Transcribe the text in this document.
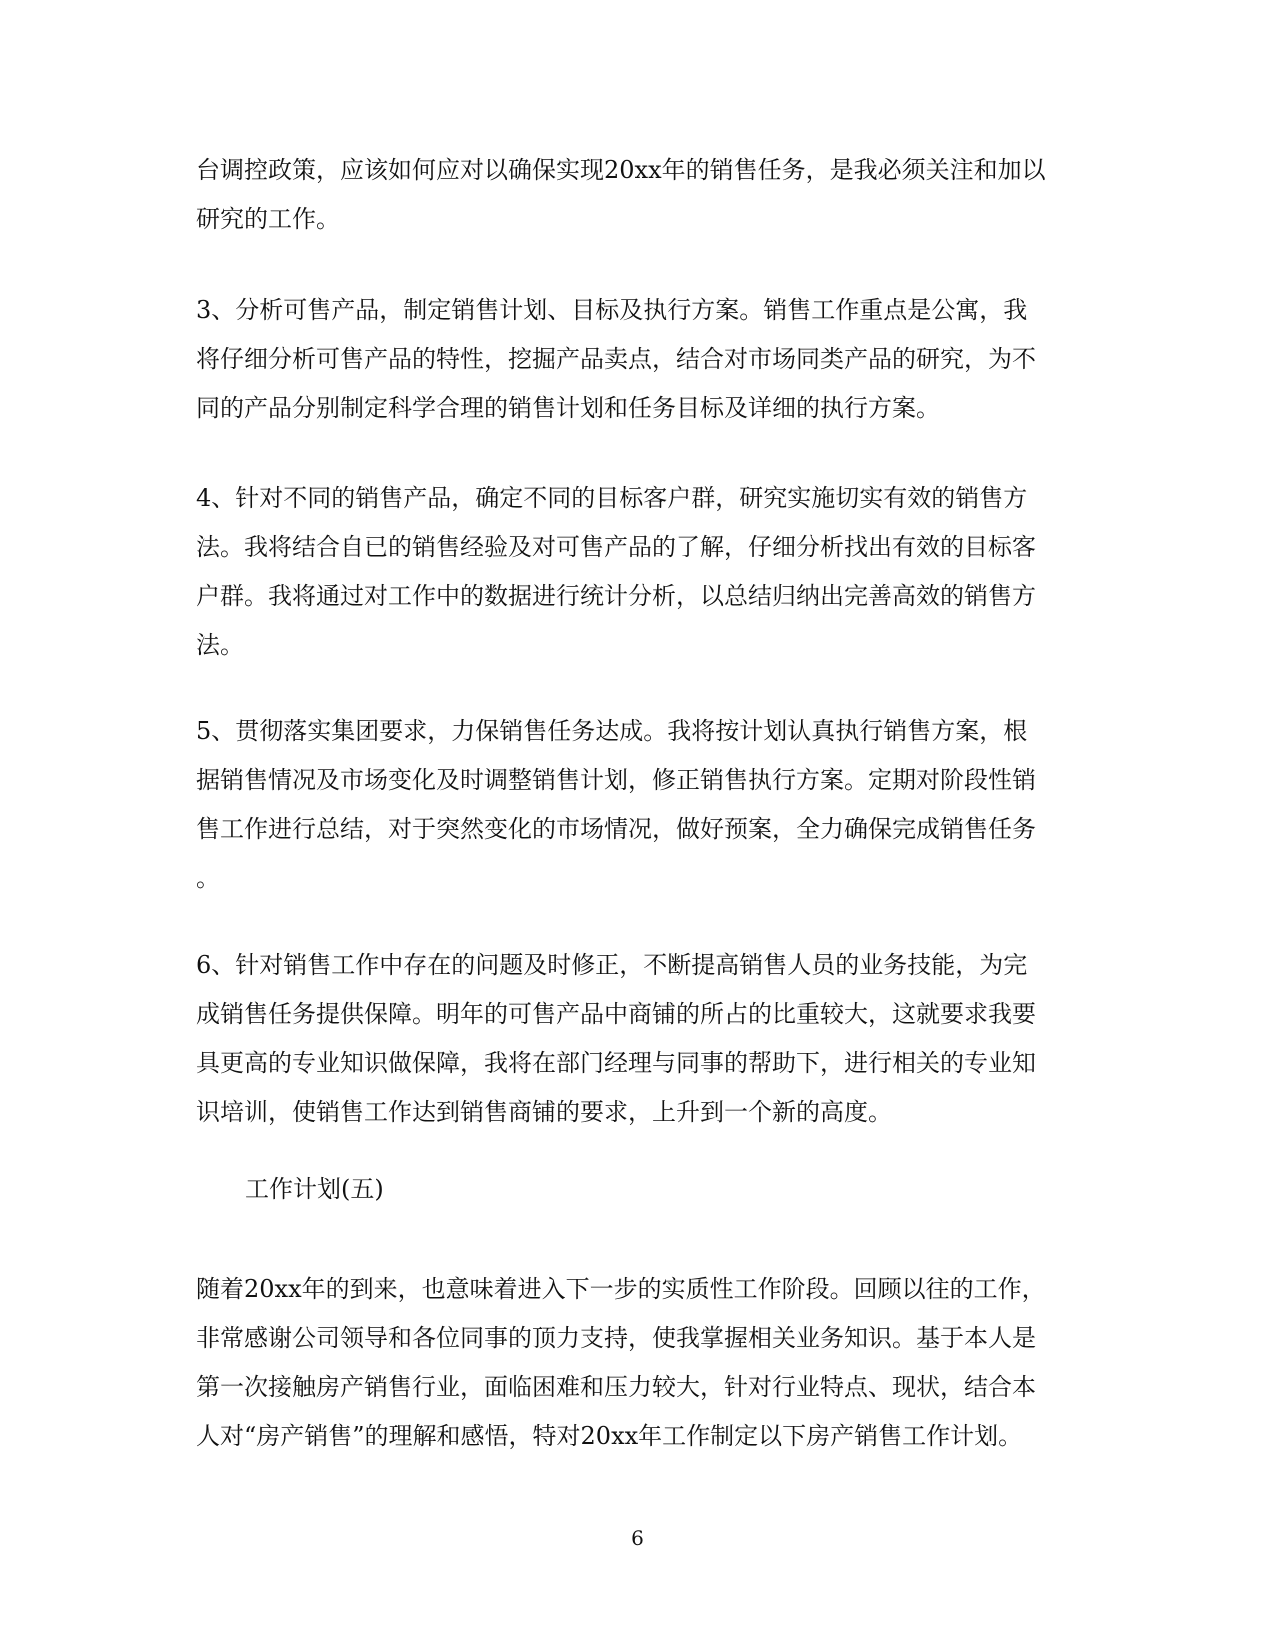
台调控政策，应该如何应对以确保实现20xx年的销售任务，是我必须关注和加以
研究的工作。

3、分析可售产品，制定销售计划、目标及执行方案。销售工作重点是公寓，我
将仔细分析可售产品的特性，挖掘产品卖点，结合对市场同类产品的研究，为不
同的产品分别制定科学合理的销售计划和任务目标及详细的执行方案。

4、针对不同的销售产品，确定不同的目标客户群，研究实施切实有效的销售方
法。我将结合自已的销售经验及对可售产品的了解，仔细分析找出有效的目标客
户群。我将通过对工作中的数据进行统计分析，以总结归纳出完善高效的销售方
法。

5、贯彻落实集团要求，力保销售任务达成。我将按计划认真执行销售方案，根
据销售情况及市场变化及时调整销售计划，修正销售执行方案。定期对阶段性销
售工作进行总结，对于突然变化的市场情况，做好预案，全力确保完成销售任务
。

6、针对销售工作中存在的问题及时修正，不断提高销售人员的业务技能，为完
成销售任务提供保障。明年的可售产品中商铺的所占的比重较大，这就要求我要
具更高的专业知识做保障，我将在部门经理与同事的帮助下，进行相关的专业知
识培训，使销售工作达到销售商铺的要求，上升到一个新的高度。

工作计划(五)

随着20xx年的到来，也意味着进入下一步的实质性工作阶段。回顾以往的工作，
非常感谢公司领导和各位同事的顶力支持，使我掌握相关业务知识。基于本人是
第一次接触房产销售行业，面临困难和压力较大，针对行业特点、现状，结合本
人对“房产销售”的理解和感悟，特对20xx年工作制定以下房产销售工作计划。

6
